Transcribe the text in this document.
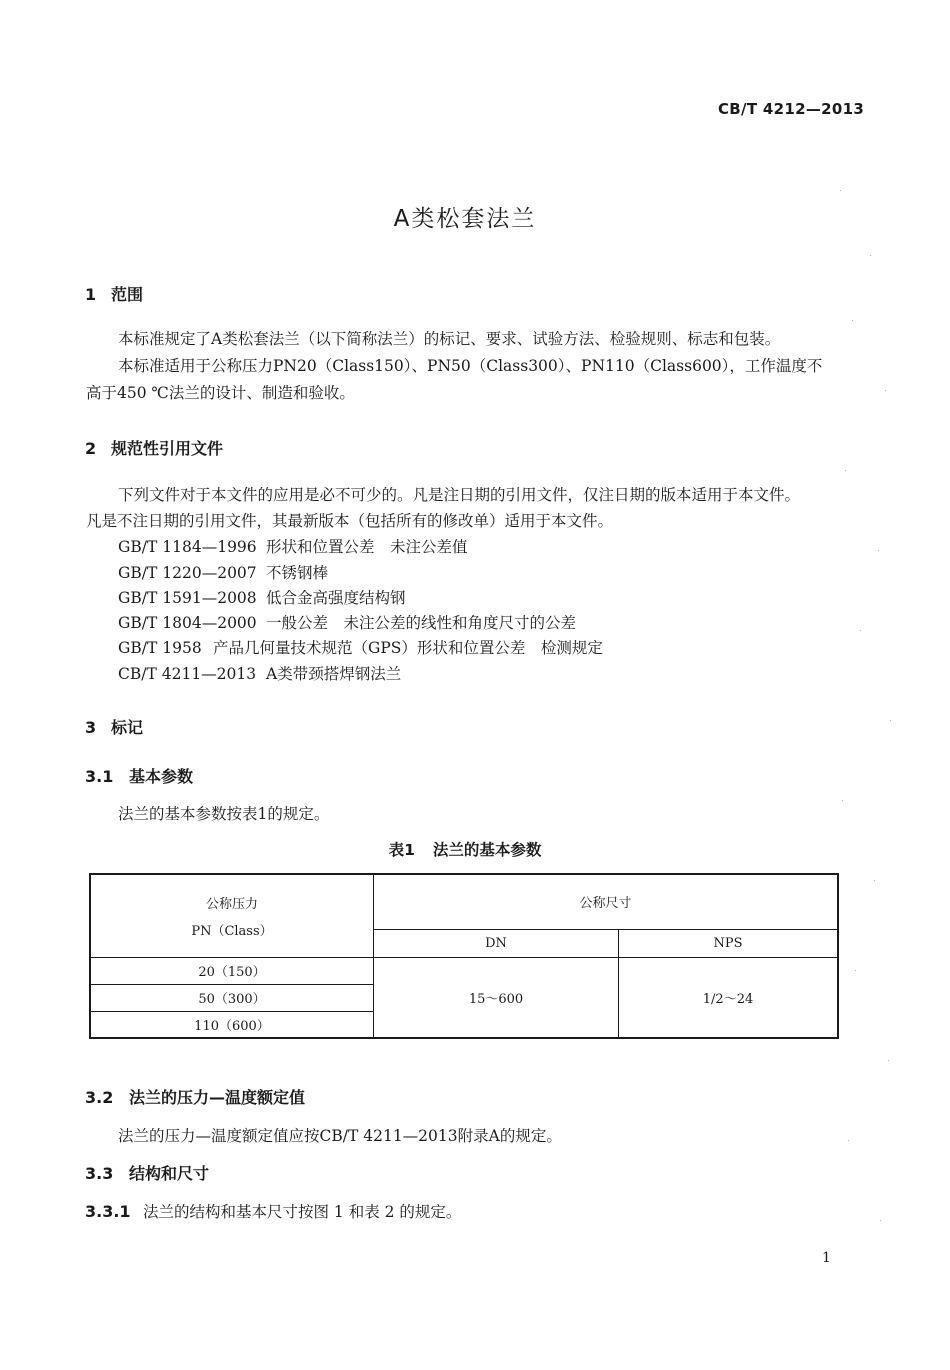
CB/T 4212—2013
A类松套法兰
1 范围
本标准规定了A类松套法兰（以下简称法兰）的标记、要求、试验方法、检验规则、标志和包装。
本标准适用于公称压力PN20（Class150）、PN50（Class300）、PN110（Class600），工作温度不
高于450 ℃法兰的设计、制造和验收。
2 规范性引用文件
下列文件对于本文件的应用是必不可少的。凡是注日期的引用文件，仅注日期的版本适用于本文件。
凡是不注日期的引用文件，其最新版本（包括所有的修改单）适用于本文件。
GB/T 1184—1996 形状和位置公差　未注公差值
GB/T 1220—2007 不锈钢棒
GB/T 1591—2008 低合金高强度结构钢
GB/T 1804—2000 一般公差　未注公差的线性和角度尺寸的公差
GB/T 1958 产品几何量技术规范（GPS）形状和位置公差　检测规定
CB/T 4211—2013 A类带颈搭焊钢法兰
3 标记
3.1 基本参数
法兰的基本参数按表1的规定。
表1 法兰的基本参数
公称压力
PN（Class）	公称尺寸	
	DN	NPS
20（150）	15～600	1/2～24
50（300）		
110（600）		
3.2 法兰的压力—温度额定值
法兰的压力—温度额定值应按CB/T 4211—2013附录A的规定。
3.3 结构和尺寸
3.3.1 法兰的结构和基本尺寸按图 1 和表 2 的规定。
1
